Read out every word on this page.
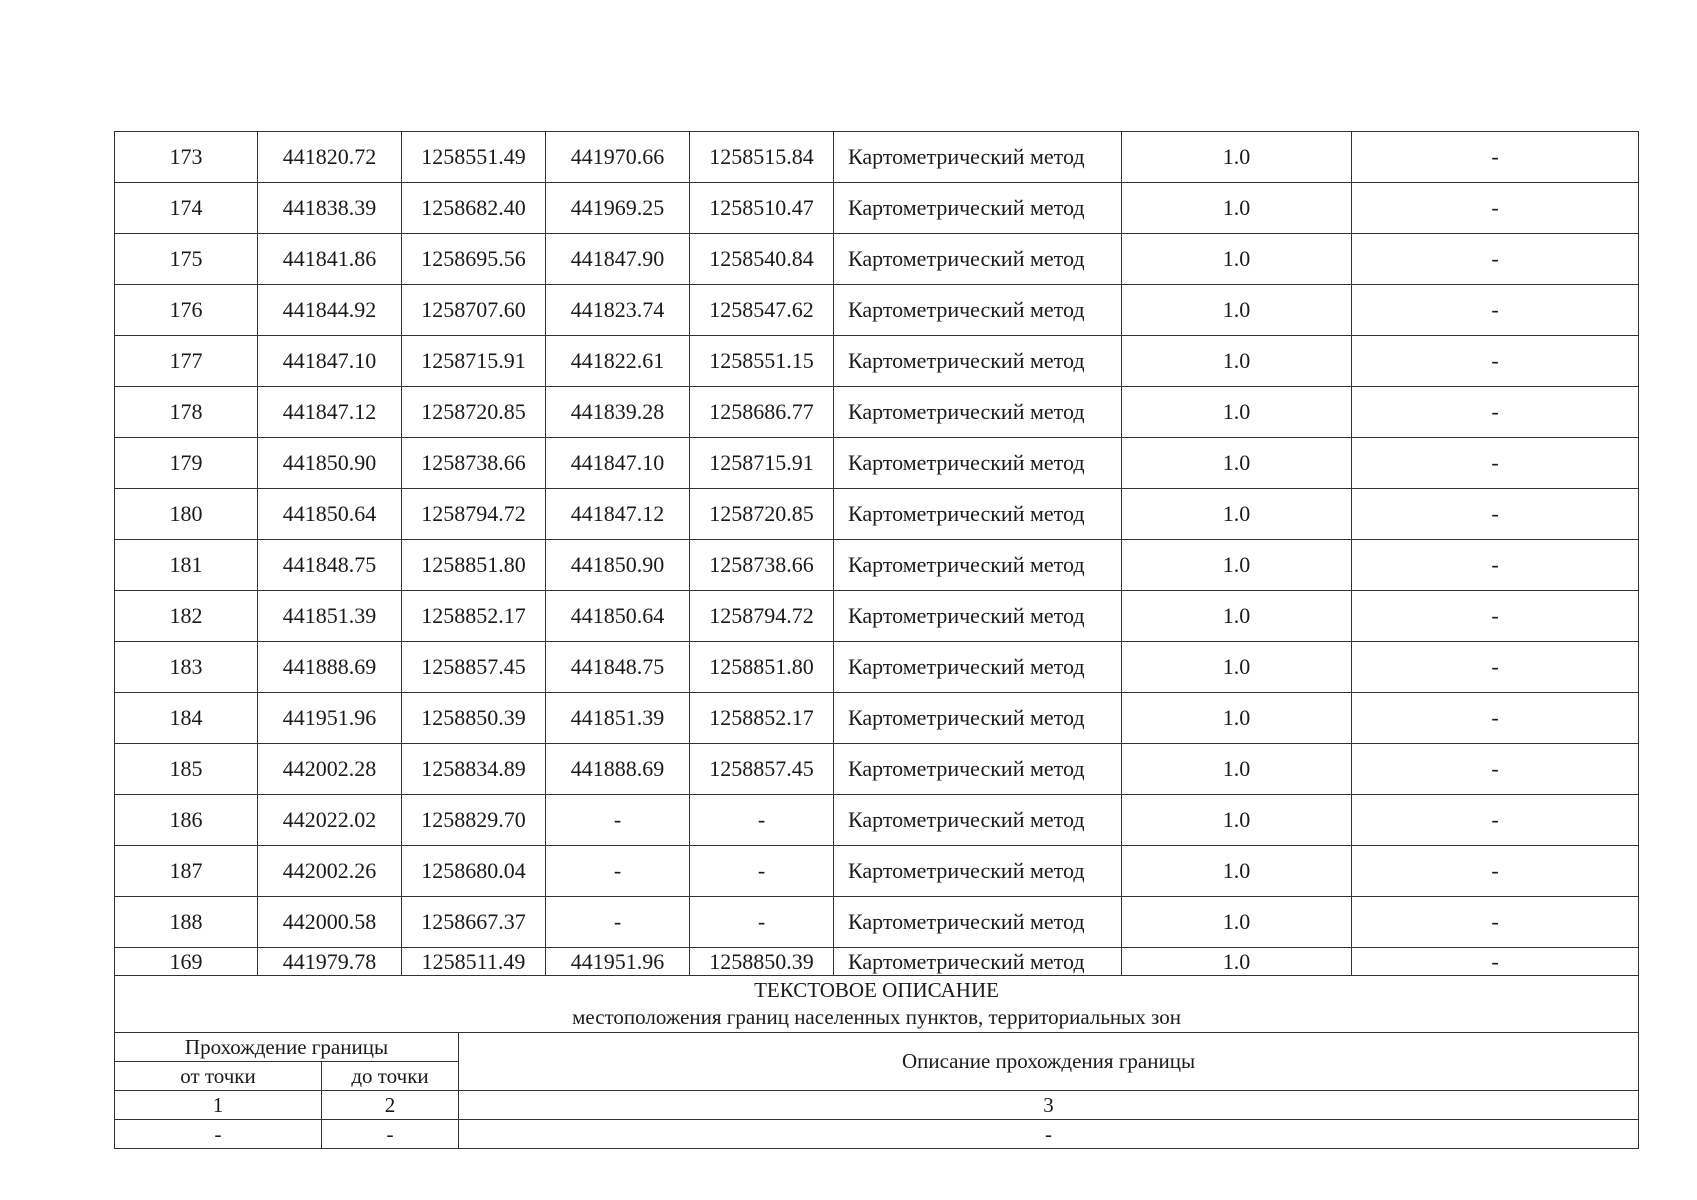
173	441820.72	1258551.49	441970.66	1258515.84	Картометрический метод	1.0	-
174	441838.39	1258682.40	441969.25	1258510.47	Картометрический метод	1.0	-
175	441841.86	1258695.56	441847.90	1258540.84	Картометрический метод	1.0	-
176	441844.92	1258707.60	441823.74	1258547.62	Картометрический метод	1.0	-
177	441847.10	1258715.91	441822.61	1258551.15	Картометрический метод	1.0	-
178	441847.12	1258720.85	441839.28	1258686.77	Картометрический метод	1.0	-
179	441850.90	1258738.66	441847.10	1258715.91	Картометрический метод	1.0	-
180	441850.64	1258794.72	441847.12	1258720.85	Картометрический метод	1.0	-
181	441848.75	1258851.80	441850.90	1258738.66	Картометрический метод	1.0	-
182	441851.39	1258852.17	441850.64	1258794.72	Картометрический метод	1.0	-
183	441888.69	1258857.45	441848.75	1258851.80	Картометрический метод	1.0	-
184	441951.96	1258850.39	441851.39	1258852.17	Картометрический метод	1.0	-
185	442002.28	1258834.89	441888.69	1258857.45	Картометрический метод	1.0	-
186	442022.02	1258829.70	-	-	Картометрический метод	1.0	-
187	442002.26	1258680.04	-	-	Картометрический метод	1.0	-
188	442000.58	1258667.37	-	-	Картометрический метод	1.0	-
169	441979.78	1258511.49	441951.96	1258850.39	Картометрический метод	1.0	-
ТЕКСТОВОЕ ОПИСАНИЕ
местоположения границ населенных пунктов, территориальных зон		

Прохождение границы		Описание прохождения границы
от точки	до точки	
1	2	3
-	-	-
